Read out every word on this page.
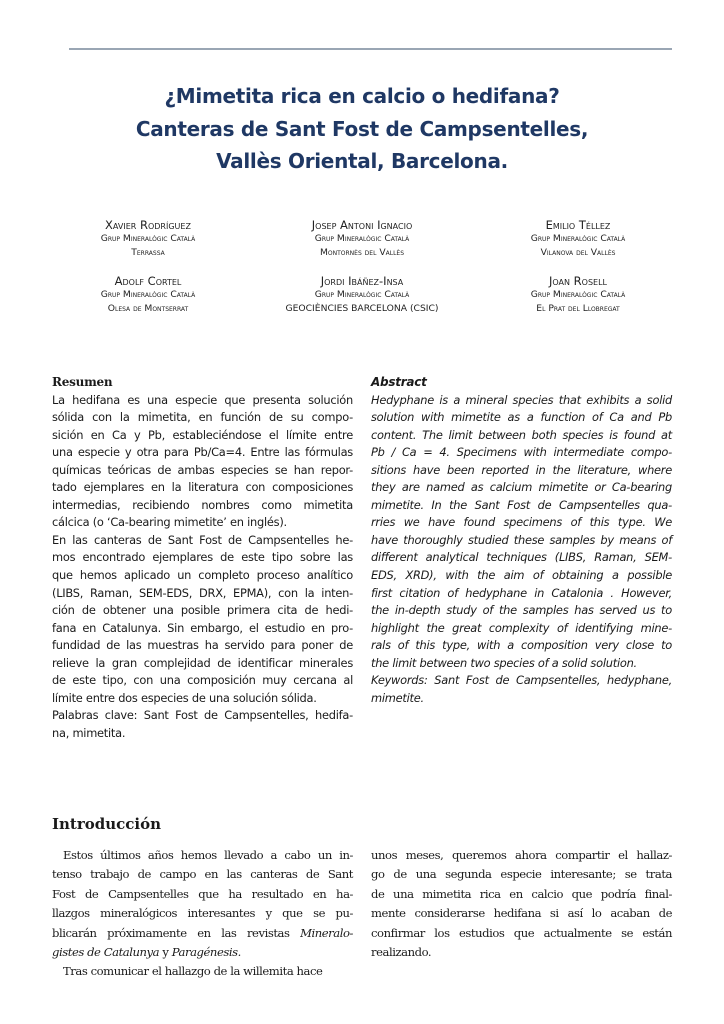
¿Mimetita rica en calcio o hedifana?
Canteras de Sant Fost de Campsentelles,
Vallès Oriental, Barcelona.
Xavier Rodríguez
Grup Mineralògic Català
Terrassa
Josep Antoni Ignacio
Grup Mineralògic Català
Montornès del Vallès
Emilio Téllez
Grup Mineralògic Català
Vilanova del Vallès
Adolf Cortel
Grup Mineralògic Català
Olesa de Montserrat
Jordi Ibáñez-Insa
Grup Mineralògic Català
GEOCIÈNCIES BARCELONA (CSIC)
Joan Rosell
Grup Mineralògic Català
El Prat del Llobregat
Resumen
La hedifana es una especie que presenta solución
sólida con la mimetita, en función de su compo-
sición en Ca y Pb, estableciéndose el límite entre
una especie y otra para Pb/Ca=4. Entre las fórmulas
químicas teóricas de ambas especies se han repor-
tado ejemplares en la literatura con composiciones
intermedias, recibiendo nombres como mimetita
cálcica (o ‘Ca-bearing mimetite’ en inglés).
En las canteras de Sant Fost de Campsentelles he-
mos encontrado ejemplares de este tipo sobre las
que hemos aplicado un completo proceso analítico
(LIBS, Raman, SEM-EDS, DRX, EPMA), con la inten-
ción de obtener una posible primera cita de hedi-
fana en Catalunya. Sin embargo, el estudio en pro-
fundidad de las muestras ha servido para poner de
relieve la gran complejidad de identificar minerales
de este tipo, con una composición muy cercana al
límite entre dos especies de una solución sólida.
Palabras clave: Sant Fost de Campsentelles, hedifa-
na, mimetita.
Abstract
Hedyphane is a mineral species that exhibits a solid
solution with mimetite as a function of Ca and Pb
content. The limit between both species is found at
Pb / Ca = 4. Specimens with intermediate compo-
sitions have been reported in the literature, where
they are named as calcium mimetite or Ca-bearing
mimetite. In the Sant Fost de Campsentelles qua-
rries we have found specimens of this type. We
have thoroughly studied these samples by means of
different analytical techniques (LIBS, Raman, SEM-
EDS, XRD), with the aim of obtaining a possible
first citation of hedyphane in Catalonia . However,
the in-depth study of the samples has served us to
highlight the great complexity of identifying mine-
rals of this type, with a composition very close to
the limit between two species of a solid solution.
Keywords: Sant Fost de Campsentelles, hedyphane,
mimetite.
Introducción
Estos últimos años hemos llevado a cabo un in-
tenso trabajo de campo en las canteras de Sant
Fost de Campsentelles que ha resultado en ha-
llazgos mineralógicos interesantes y que se pu-
blicarán próximamente en las revistas Mineralo-
gistes de Catalunya y Paragénesis.
Tras comunicar el hallazgo de la willemita hace
unos meses, queremos ahora compartir el hallaz-
go de una segunda especie interesante; se trata
de una mimetita rica en calcio que podría final-
mente considerarse hedifana si así lo acaban de
confirmar los estudios que actualmente se están
realizando.
